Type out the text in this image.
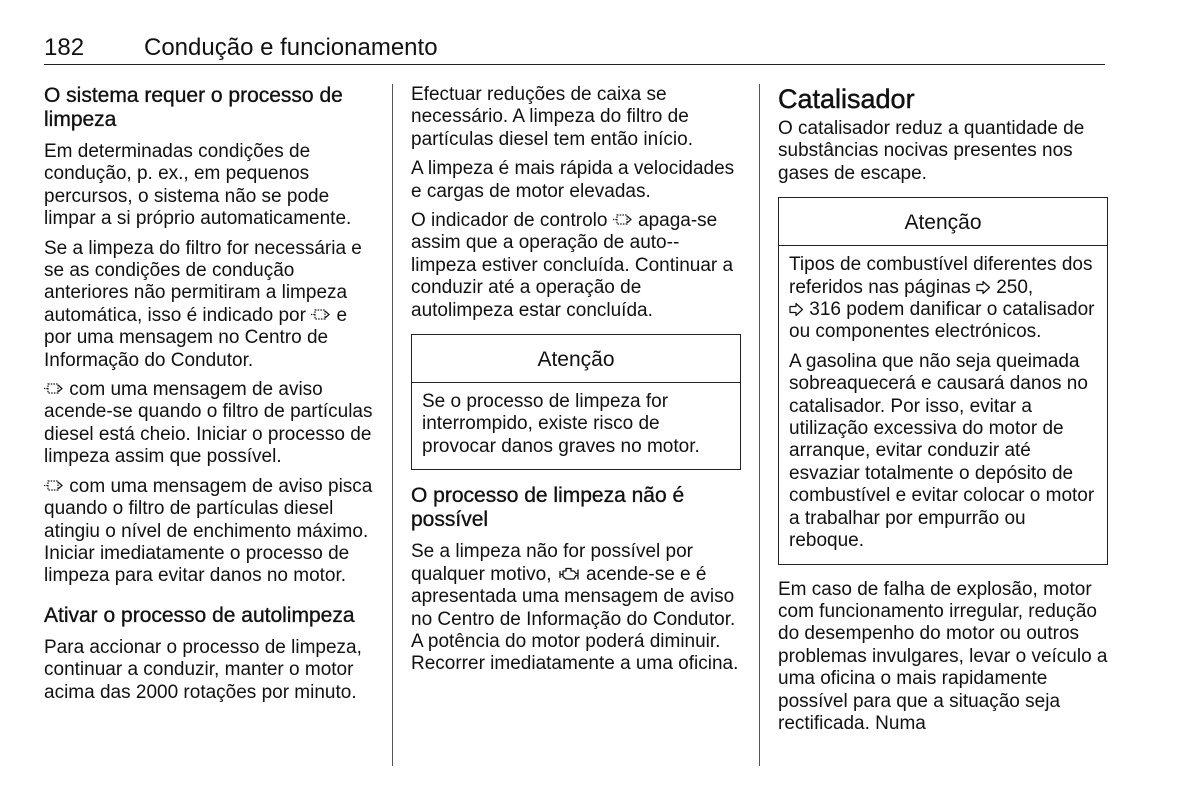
182 Condução e funcionamento
O sistema requer o processo de limpeza

Em determinadas condições de condução, p. ex., em pequenos percursos, o sistema não se pode limpar a si próprio automaticamente.

Se a limpeza do filtro for necessária e se as condições de condução anteriores não permitiram a limpeza automática, isso é indicado por e por uma mensagem no Centro de Informação do Condutor.

com uma mensagem de aviso acende-se quando o filtro de partículas diesel está cheio. Iniciar o processo de limpeza assim que possível.

com uma mensagem de aviso pisca quando o filtro de partículas diesel atingiu o nível de enchimento máximo. Iniciar imediatamente o processo de limpeza para evitar danos no motor.

Ativar o processo de autolimpeza

Para accionar o processo de limpeza, continuar a conduzir, manter o motor acima das 2000 rotações por minuto.

Efectuar reduções de caixa se necessário. A limpeza do filtro de partículas diesel tem então início.

A limpeza é mais rápida a velocidades e cargas de motor elevadas.

O indicador de controlo apaga-se assim que a operação de auto--limpeza estiver concluída. Continuar a conduzir até a operação de autolimpeza estar concluída.

Atenção

Se o processo de limpeza for interrompido, existe risco de provocar danos graves no motor.

O processo de limpeza não é possível

Se a limpeza não for possível por qualquer motivo, acende-se e é apresentada uma mensagem de aviso no Centro de Informação do Condutor. A potência do motor poderá diminuir. Recorrer imediatamente a uma oficina.

Catalisador

O catalisador reduz a quantidade de substâncias nocivas presentes nos gases de escape.

Atenção

Tipos de combustível diferentes dos referidos nas páginas 250,
316 podem danificar o catalisador ou componentes electrónicos.

A gasolina que não seja queimada sobreaquecerá e causará danos no catalisador. Por isso, evitar a utilização excessiva do motor de arranque, evitar conduzir até esvaziar totalmente o depósito de combustível e evitar colocar o motor a trabalhar por empurrão ou reboque.

Em caso de falha de explosão, motor com funcionamento irregular, redução do desempenho do motor ou outros problemas invulgares, levar o veículo a uma oficina o mais rapidamente possível para que a situação seja rectificada. Numa
